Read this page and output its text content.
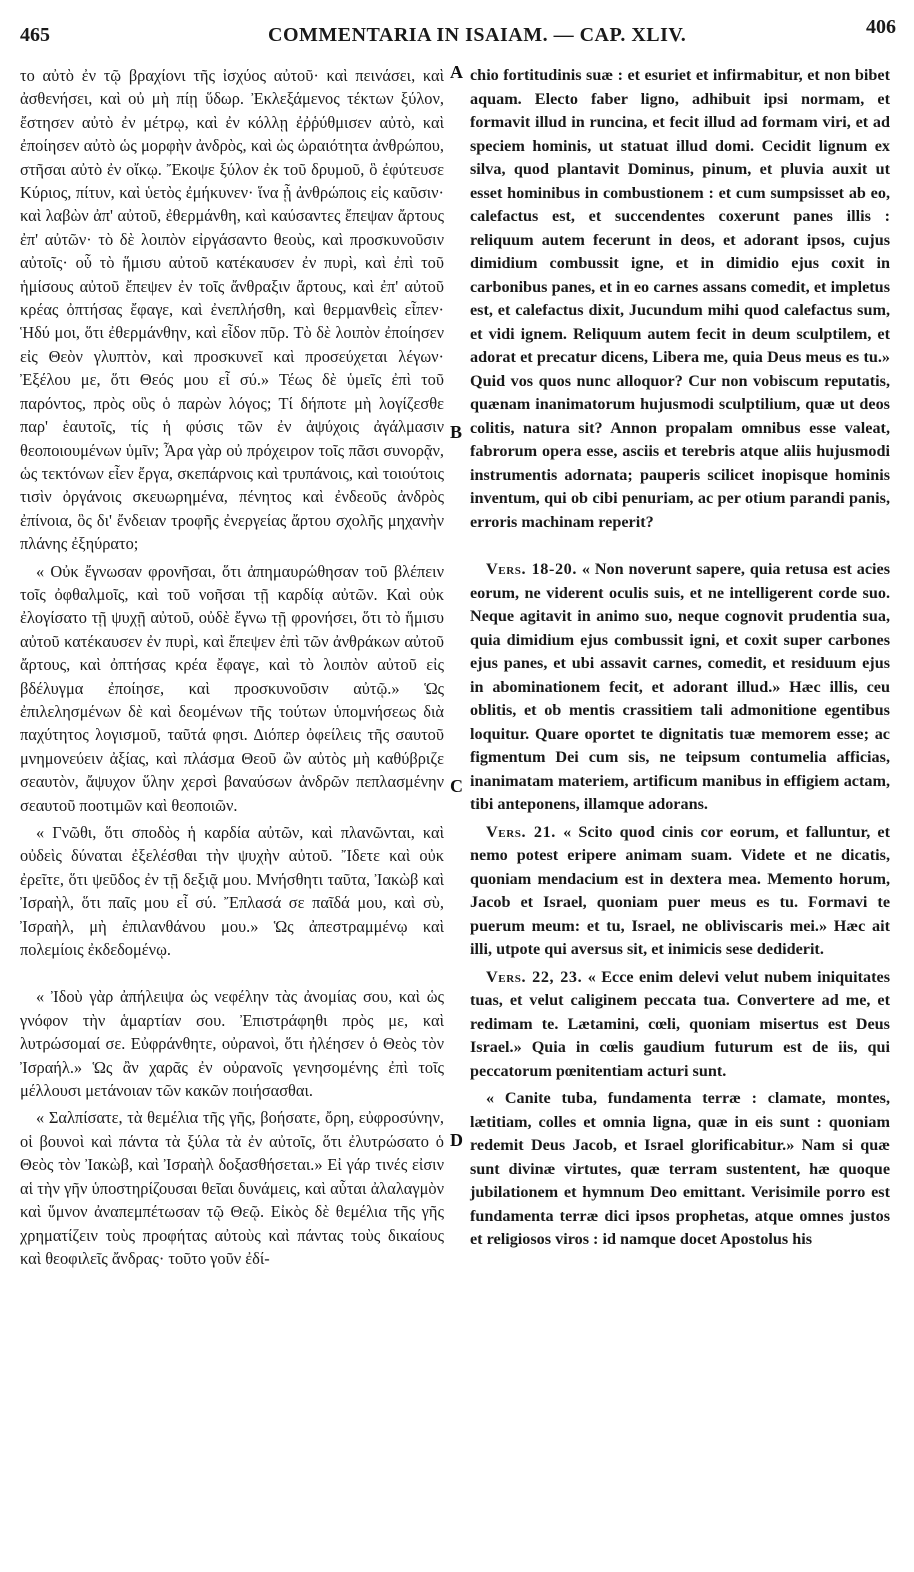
465	COMMENTARIA IN ISAIAM. — CAP. XLIV.	406

το αὐτὸ ἐν τῷ βραχίονι τῆς ἰσχύος αὐτοῦ· καὶ πεινάσει, καὶ ἀσθενήσει, καὶ οὐ μὴ πίῃ ὕδωρ. Ἐκλεξάμενος τέκτων ξύλον, ἔστησεν αὐτὸ ἐν μέτρῳ, καὶ ἐν κόλλῃ ἐῤῥύθμισεν αὐτὸ, καὶ ἐποίησεν αὐτὸ ὡς μορφὴν ἀνδρὸς, καὶ ὡς ὡραιότητα ἀνθρώπου, στῆσαι αὐτὸ ἐν οἴκῳ. Ἔκοψε ξύλον ἐκ τοῦ δρυμοῦ, ὃ ἐφύτευσε Κύριος, πίτυν, καὶ ὑετὸς ἐμήκυνεν· ἵνα ᾖ ἀνθρώποις εἰς καῦσιν· καὶ λαβὼν ἀπ' αὐτοῦ, ἐθερμάνθη, καὶ καύσαντες ἔπεψαν ἄρτους ἐπ' αὐτῶν· τὸ δὲ λοιπὸν εἰργάσαντο θεοὺς, καὶ προσκυνοῦσιν αὐτοῖς· οὗ τὸ ἥμισυ αὐτοῦ κατέκαυσεν ἐν πυρὶ, καὶ ἐπὶ τοῦ ἡμίσους αὐτοῦ ἔπεψεν ἐν τοῖς ἄνθραξιν ἄρτους, καὶ ἐπ' αὐτοῦ κρέας ὀπτήσας ἔφαγε, καὶ ἐνεπλήσθη, καὶ θερμανθεὶς εἶπεν· Ἡδύ μοι, ὅτι ἐθερμάνθην, καὶ εἶδον πῦρ. Τὸ δὲ λοιπὸν ἐποίησεν εἰς Θεὸν γλυπτὸν, καὶ προσκυνεῖ καὶ προσεύχεται λέγων· Ἐξέλου με, ὅτι Θεός μου εἶ σύ.» Τέως δὲ ὑμεῖς ἐπὶ τοῦ παρόντος, πρὸς οὓς ὁ παρὼν λόγος; Τί δήποτε μὴ λογίζεσθε παρ' ἑαυτοῖς, τίς ἡ φύσις τῶν ἐν ἀψύχοις ἀγάλμασιν θεοποιουμένων ὑμῖν; Ἆρα γὰρ οὐ πρόχειρον τοῖς πᾶσι συνορᾷν, ὡς τεκτόνων εἶεν ἔργα, σκεπάρνοις καὶ τρυπάνοις, καὶ τοιούτοις τισὶν ὀργάνοις σκευωρημένα, πένητος καὶ ἐνδεοῦς ἀνδρὸς ἐπίνοια, ὃς δι' ἔνδειαν τροφῆς ἐνεργείας ἄρτου σχολῆς μηχανὴν πλάνης ἐξηύρατο;

« Οὐκ ἔγνωσαν φρονῆσαι, ὅτι ἀπημαυρώθησαν τοῦ βλέπειν τοῖς ὀφθαλμοῖς, καὶ τοῦ νοῆσαι τῇ καρδίᾳ αὐτῶν. Καὶ οὐκ ἐλογίσατο τῇ ψυχῇ αὐτοῦ, οὐδὲ ἔγνω τῇ φρονήσει, ὅτι τὸ ἥμισυ αὐτοῦ κατέκαυσεν ἐν πυρὶ, καὶ ἔπεψεν ἐπὶ τῶν ἀνθράκων αὐτοῦ ἄρτους, καὶ ὀπτήσας κρέα ἔφαγε, καὶ τὸ λοιπὸν αὐτοῦ εἰς βδέλυγμα ἐποίησε, καὶ προσκυνοῦσιν αὐτῷ.» Ὡς ἐπιλελησμένων δὲ καὶ δεομένων τῆς τούτων ὑπομνήσεως διὰ παχύτητος λογισμοῦ, ταῦτά φησι. Διόπερ ὀφείλεις τῆς σαυτοῦ μνημονεύειν ἀξίας, καὶ πλάσμα Θεοῦ ὢν αὐτὸς μὴ καθύβριζε σεαυτὸν, ἄψυχον ὕλην χερσὶ βαναύσων ἀνδρῶν πεπλασμένην σεαυτοῦ ποοτιμῶν καὶ θεοποιῶν.

« Γνῶθι, ὅτι σποδὸς ἡ καρδία αὐτῶν, καὶ πλανῶνται, καὶ οὐδεὶς δύναται ἐξελέσθαι τὴν ψυχὴν αὐτοῦ. Ἴδετε καὶ οὐκ ἐρεῖτε, ὅτι ψεῦδος ἐν τῇ δεξιᾷ μου. Μνήσθητι ταῦτα, Ἰακὼβ καὶ Ἰσραὴλ, ὅτι παῖς μου εἶ σύ. Ἔπλασά σε παῖδά μου, καὶ σὺ, Ἰσραὴλ, μὴ ἐπιλανθάνου μου.» Ὡς ἀπεστραμμένῳ καὶ πολεμίοις ἐκδεδομένῳ.

« Ἰδοὺ γὰρ ἀπήλειψα ὡς νεφέλην τὰς ἀνομίας σου, καὶ ὡς γνόφον τὴν ἁμαρτίαν σου. Ἐπιστράφηθι πρὸς με, καὶ λυτρώσομαί σε. Εὐφράνθητε, οὐρανοὶ, ὅτι ἠλέησεν ὁ Θεὸς τὸν Ἰσραήλ.» Ὡς ἂν χαρᾶς ἐν οὐρανοῖς γενησομένης ἐπὶ τοῖς μέλλουσι μετάνοιαν τῶν κακῶν ποιήσασθαι.

« Σαλπίσατε, τὰ θεμέλια τῆς γῆς, βοήσατε, ὄρη, εὐφροσύνην, οἱ βουνοὶ καὶ πάντα τὰ ξύλα τὰ ἐν αὐτοῖς, ὅτι ἐλυτρώσατο ὁ Θεὸς τὸν Ἰακὼβ, καὶ Ἰσραὴλ δοξασθήσεται.» Εἰ γάρ τινές εἰσιν αἱ τὴν γῆν ὑποστηρίζουσαι θεῖαι δυνάμεις, καὶ αὗται ἀλαλαγμὸν καὶ ὕμνον ἀναπεμπέτωσαν τῷ Θεῷ. Εἰκὸς δὲ θεμέλια τῆς γῆς χρηματίζειν τοὺς προφήτας αὐτοὺς καὶ πάντας τοὺς δικαίους καὶ θεοφιλεῖς ἄνδρας· τοῦτο γοῦν ἐδί-

chio fortitudinis suæ : et esuriet et infirmabitur, et non bibet aquam. Electo faber ligno, adhibuit ipsi normam, et formavit illud in runcina, et fecit illud ad formam viri, et ad speciem hominis, ut statuat illud domi. Cecidit lignum ex silva, quod plantavit Dominus, pinum, et pluvia auxit ut esset hominibus in combustionem : et cum sumpsisset ab eo, calefactus est, et succendentes coxerunt panes illis : reliquum autem fecerunt in deos, et adorant ipsos, cujus dimidium combussit igne, et in dimidio ejus coxit in carbonibus panes, et in eo carnes assans comedit, et impletus est, et calefactus dixit, Jucundum mihi quod calefactus sum, et vidi ignem. Reliquum autem fecit in deum sculptilem, et adorat et precatur dicens, Libera me, quia Deus meus es tu.» Quid vos quos nunc alloquor? Cur non vobiscum reputatis, quænam inanimatorum hujusmodi sculptilium, quæ ut deos colitis, natura sit? Annon propalam omnibus esse valeat, fabrorum opera esse, asciis et terebris atque aliis hujusmodi instrumentis adornata; pauperis scilicet inopisque hominis inventum, qui ob cibi penuriam, ac per otium parandi panis, erroris machinam reperit?

Vers. 18-20. « Non noverunt sapere, quia retusa est acies eorum, ne viderent oculis suis, et ne intelligerent corde suo. Neque agitavit in animo suo, neque cognovit prudentia sua, quia dimidium ejus combussit igni, et coxit super carbones ejus panes, et ubi assavit carnes, comedit, et residuum ejus in abominationem fecit, et adorant illud.» Hæc illis, ceu oblitis, et ob mentis crassitiem tali admonitione egentibus loquitur. Quare oportet te dignitatis tuæ memorem esse; ac figmentum Dei cum sis, ne teipsum contumelia afficias, inanimatam materiem, artificum manibus in effigiem actam, tibi anteponens, illamque adorans.

Vers. 21. « Scito quod cinis cor eorum, et falluntur, et nemo potest eripere animam suam. Videte et ne dicatis, quoniam mendacium est in dextera mea. Memento horum, Jacob et Israel, quoniam puer meus es tu. Formavi te puerum meum: et tu, Israel, ne obliviscaris mei.» Hæc ait illi, utpote qui aversus sit, et inimicis sese dediderit.

Vers. 22, 23. « Ecce enim delevi velut nubem iniquitates tuas, et velut caliginem peccata tua. Convertere ad me, et redimam te. Lætamini, cœli, quoniam misertus est Deus Israel.» Quia in cœlis gaudium futurum est de iis, qui peccatorum pœnitentiam acturi sunt.

« Canite tuba, fundamenta terræ : clamate, montes, lætitiam, colles et omnia ligna, quæ in eis sunt : quoniam redemit Deus Jacob, et Israel glorificabitur.» Nam si quæ sunt divinæ virtutes, quæ terram sustentent, hæ quoque jubilationem et hymnum Deo emittant. Verisimile porro est fundamenta terræ dici ipsos prophetas, atque omnes justos et religiosos viros : id namque docet Apostolus his

A
B
C
D
